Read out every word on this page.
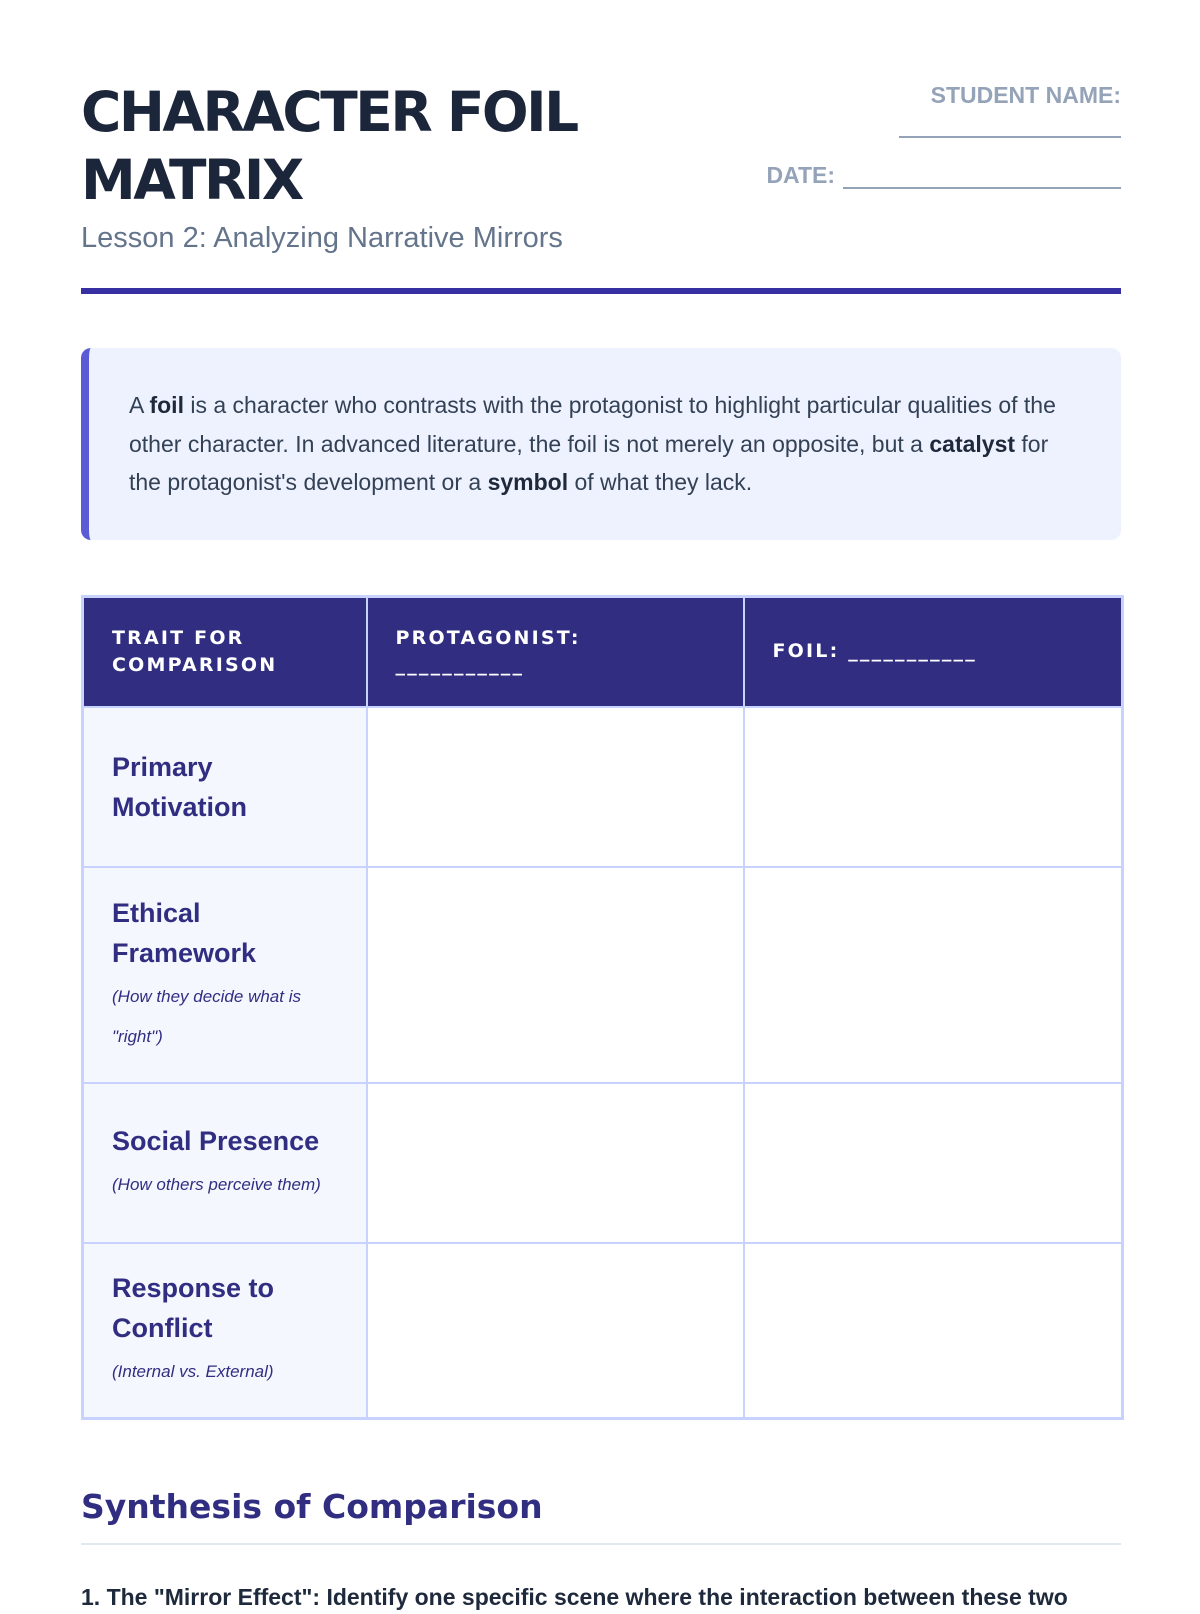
CHARACTER FOIL MATRIX
Lesson 2: Analyzing Narrative Mirrors
STUDENT NAME:
DATE:
A foil is a character who contrasts with the protagonist to highlight particular qualities of the other character. In advanced literature, the foil is not merely an opposite, but a catalyst for the protagonist's development or a symbol of what they lack.
TRAIT FOR COMPARISON	PROTAGONIST: ___________	FOIL: ___________

Primary Motivation		

Ethical Framework
(How they decide what is "right")		

Social Presence
(How others perceive them)		

Response to Conflict
(Internal vs. External)		

Synthesis of Comparison
1. The "Mirror Effect": Identify one specific scene where the interaction between these two
